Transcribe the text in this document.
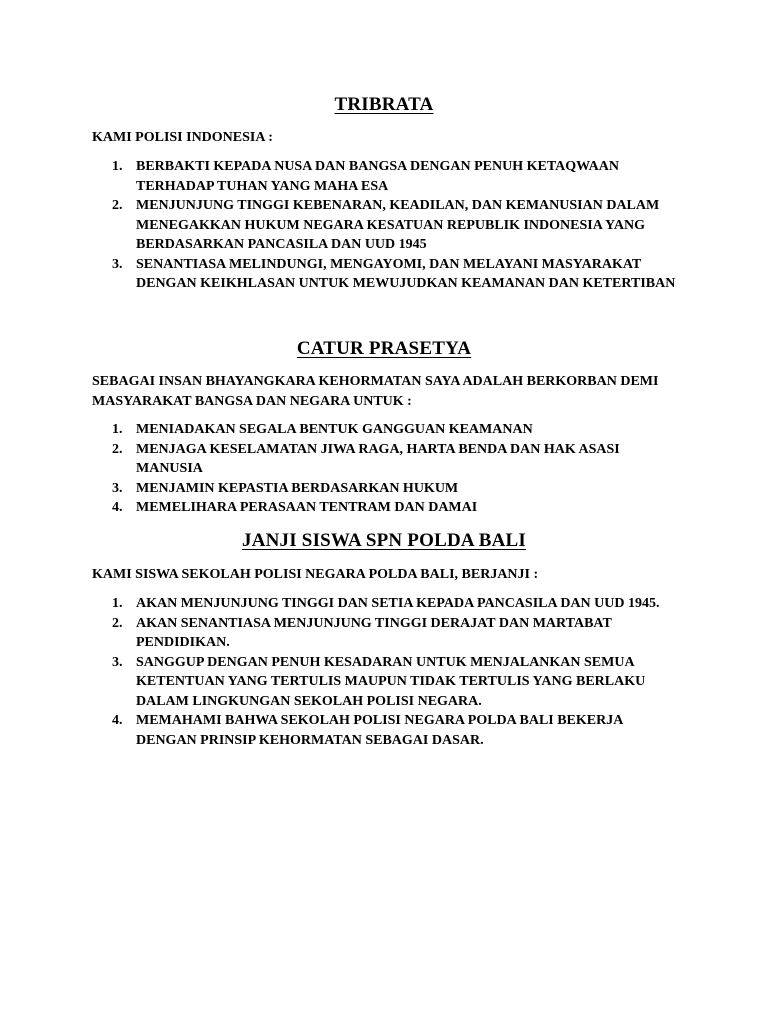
TRIBRATA

KAMI POLISI INDONESIA :

1. BERBAKTI KEPADA NUSA DAN BANGSA DENGAN PENUH KETAQWAAN TERHADAP TUHAN YANG MAHA ESA
2. MENJUNJUNG TINGGI KEBENARAN, KEADILAN, DAN KEMANUSIAN DALAM MENEGAKKAN HUKUM NEGARA KESATUAN REPUBLIK INDONESIA YANG BERDASARKAN PANCASILA DAN UUD 1945
3. SENANTIASA MELINDUNGI, MENGAYOMI, DAN MELAYANI MASYARAKAT DENGAN KEIKHLASAN UNTUK MEWUJUDKAN KEAMANAN DAN KETERTIBAN
CATUR PRASETYA

SEBAGAI INSAN BHAYANGKARA KEHORMATAN SAYA ADALAH BERKORBAN DEMI MASYARAKAT BANGSA DAN NEGARA UNTUK :

1. MENIADAKAN SEGALA BENTUK GANGGUAN KEAMANAN
2. MENJAGA KESELAMATAN JIWA RAGA, HARTA BENDA DAN HAK ASASI MANUSIA
3. MENJAMIN KEPASTIA BERDASARKAN HUKUM
4. MEMELIHARA PERASAAN TENTRAM DAN DAMAI
JANJI SISWA SPN POLDA BALI

KAMI SISWA SEKOLAH POLISI NEGARA POLDA BALI, BERJANJI :

1. AKAN MENJUNJUNG TINGGI DAN SETIA KEPADA PANCASILA DAN UUD 1945.
2. AKAN SENANTIASA MENJUNJUNG TINGGI DERAJAT DAN MARTABAT PENDIDIKAN.
3. SANGGUP DENGAN PENUH KESADARAN UNTUK MENJALANKAN SEMUA KETENTUAN YANG TERTULIS MAUPUN TIDAK TERTULIS YANG BERLAKU DALAM LINGKUNGAN SEKOLAH POLISI NEGARA.
4. MEMAHAMI BAHWA SEKOLAH POLISI NEGARA POLDA BALI BEKERJA DENGAN PRINSIP KEHORMATAN SEBAGAI DASAR.
